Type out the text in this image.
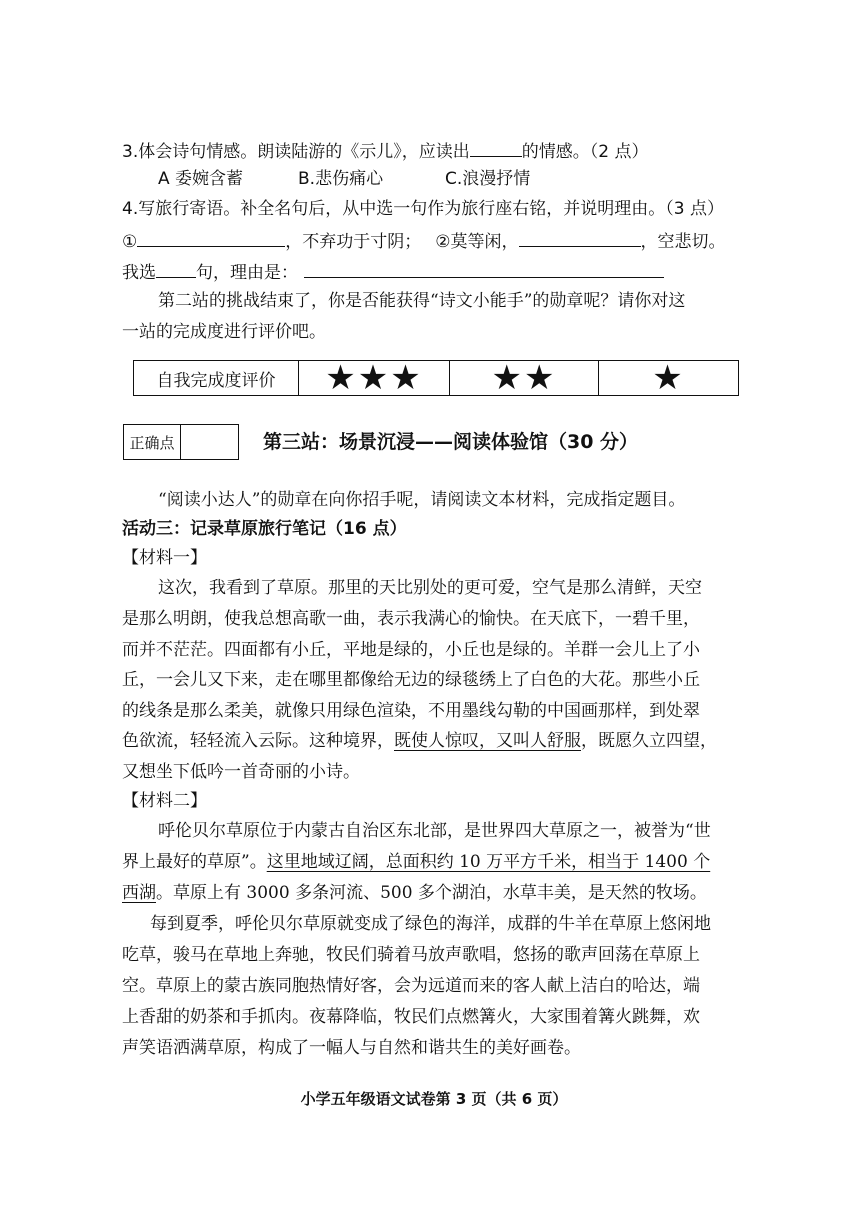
3.体会诗句情感。朗读陆游的《示儿》，应读出	的情感。（2 点）
A 委婉含蓄	B.悲伤痛心	C.浪漫抒情
4.写旅行寄语。补全名句后，从中选一句作为旅行座右铭，并说明理由。（3 点）
①	，不弃功于寸阴； ②莫等闲，	，空悲切。
我选 句，理由是：
第二站的挑战结束了，你是否能获得“诗文小能手”的勋章呢？请你对这
一站的完成度进行评价吧。
自我完成度评价	★★★	★★	★
正确点	第三站：场景沉浸——阅读体验馆（30 分）
“阅读小达人”的勋章在向你招手呢，请阅读文本材料，完成指定题目。
活动三：记录草原旅行笔记（16 点）
【材料一】
这次，我看到了草原。那里的天比别处的更可爱，空气是那么清鲜，天空
是那么明朗，使我总想高歌一曲，表示我满心的愉快。在天底下，一碧千里，
而并不茫茫。四面都有小丘，平地是绿的，小丘也是绿的。羊群一会儿上了小
丘，一会儿又下来，走在哪里都像给无边的绿毯绣上了白色的大花。那些小丘
的线条是那么柔美，就像只用绿色渲染，不用墨线勾勒的中国画那样，到处翠
色欲流，轻轻流入云际。这种境界，既使人惊叹，又叫人舒服，既愿久立四望，
又想坐下低吟一首奇丽的小诗。
【材料二】
呼伦贝尔草原位于内蒙古自治区东北部，是世界四大草原之一，被誉为“世
界上最好的草原”。这里地域辽阔，总面积约 10 万平方千米，相当于 1400 个
西湖。草原上有 3000 多条河流、500 多个湖泊，水草丰美，是天然的牧场。
每到夏季，呼伦贝尔草原就变成了绿色的海洋，成群的牛羊在草原上悠闲地
吃草，骏马在草地上奔驰，牧民们骑着马放声歌唱，悠扬的歌声回荡在草原上
空。草原上的蒙古族同胞热情好客，会为远道而来的客人献上洁白的哈达，端
上香甜的奶茶和手抓肉。夜幕降临，牧民们点燃篝火，大家围着篝火跳舞，欢
声笑语洒满草原，构成了一幅人与自然和谐共生的美好画卷。
小学五年级语文试卷第 3 页（共 6 页）
